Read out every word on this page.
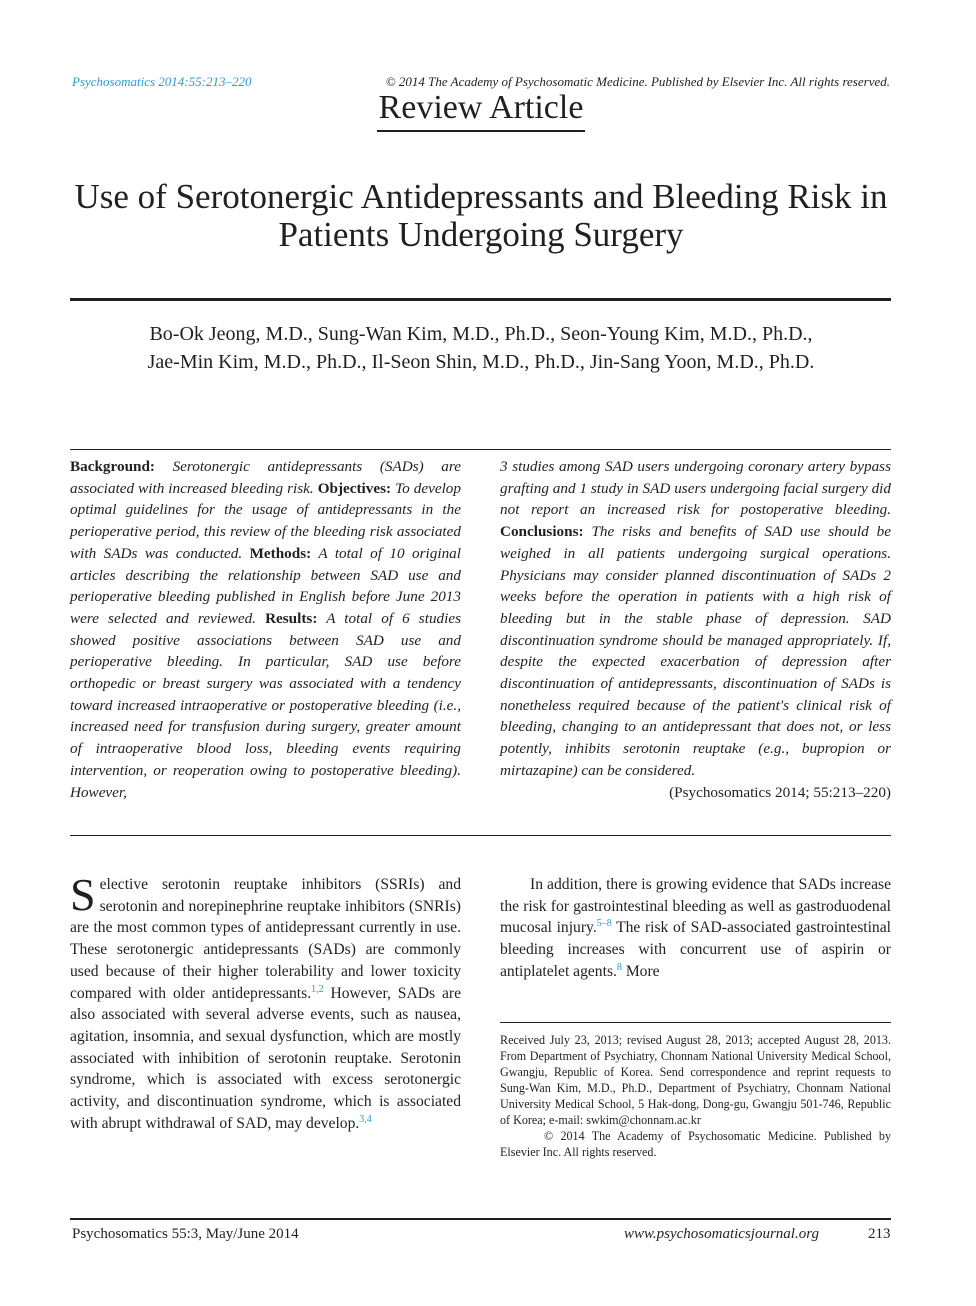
Psychosomatics 2014:55:213–220	© 2014 The Academy of Psychosomatic Medicine. Published by Elsevier Inc. All rights reserved.
Review Article
Use of Serotonergic Antidepressants and Bleeding Risk in Patients Undergoing Surgery
Bo-Ok Jeong, M.D., Sung-Wan Kim, M.D., Ph.D., Seon-Young Kim, M.D., Ph.D.,
Jae-Min Kim, M.D., Ph.D., Il-Seon Shin, M.D., Ph.D., Jin-Sang Yoon, M.D., Ph.D.
Background: Serotonergic antidepressants (SADs) are associated with increased bleeding risk. Objectives: To develop optimal guidelines for the usage of antidepressants in the perioperative period, this review of the bleeding risk associated with SADs was conducted. Methods: A total of 10 original articles describing the relationship between SAD use and perioperative bleeding published in English before June 2013 were selected and reviewed. Results: A total of 6 studies showed positive associations between SAD use and perioperative bleeding. In particular, SAD use before orthopedic or breast surgery was associated with a tendency toward increased intraoperative or postoperative bleeding (i.e., increased need for transfusion during surgery, greater amount of intraoperative blood loss, bleeding events requiring intervention, or reoperation owing to postoperative bleeding). However,
3 studies among SAD users undergoing coronary artery bypass grafting and 1 study in SAD users undergoing facial surgery did not report an increased risk for postoperative bleeding. Conclusions: The risks and benefits of SAD use should be weighed in all patients undergoing surgical operations. Physicians may consider planned discontinuation of SADs 2 weeks before the operation in patients with a high risk of bleeding but in the stable phase of depression. SAD discontinuation syndrome should be managed appropriately. If, despite the expected exacerbation of depression after discontinuation of antidepressants, discontinuation of SADs is nonetheless required because of the patient's clinical risk of bleeding, changing to an antidepressant that does not, or less potently, inhibits serotonin reuptake (e.g., bupropion or mirtazapine) can be considered.
(Psychosomatics 2014; 55:213–220)

Selective serotonin reuptake inhibitors (SSRIs) and serotonin and norepinephrine reuptake inhibitors (SNRIs) are the most common types of antidepressant currently in use. These serotonergic antidepressants (SADs) are commonly used because of their higher tolerability and lower toxicity compared with older antidepressants.$^{1,2}$ However, SADs are also associated with several adverse events, such as nausea, agitation, insomnia, and sexual dysfunction, which are mostly associated with inhibition of serotonin reuptake. Serotonin syndrome, which is associated with excess serotonergic activity, and discontinuation syndrome, which is associated with abrupt withdrawal of SAD, may develop.$^{3,4}$

In addition, there is growing evidence that SADs increase the risk for gastrointestinal bleeding as well as gastroduodenal mucosal injury.$^{5-8}$ The risk of SAD-associated gastrointestinal bleeding increases with concurrent use of aspirin or antiplatelet agents.$^8$ More

Received July 23, 2013; revised August 28, 2013; accepted August 28, 2013. From Department of Psychiatry, Chonnam National University Medical School, Gwangju, Republic of Korea. Send correspondence and reprint requests to Sung-Wan Kim, M.D., Ph.D., Department of Psychiatry, Chonnam National University Medical School, 5 Hak-dong, Dong-gu, Gwangju 501-746, Republic of Korea; e-mail: swkim@chonnam.ac.kr

© 2014 The Academy of Psychosomatic Medicine. Published by Elsevier Inc. All rights reserved.

Psychosomatics 55:3, May/June 2014	www.psychosomaticsjournal.org	213
